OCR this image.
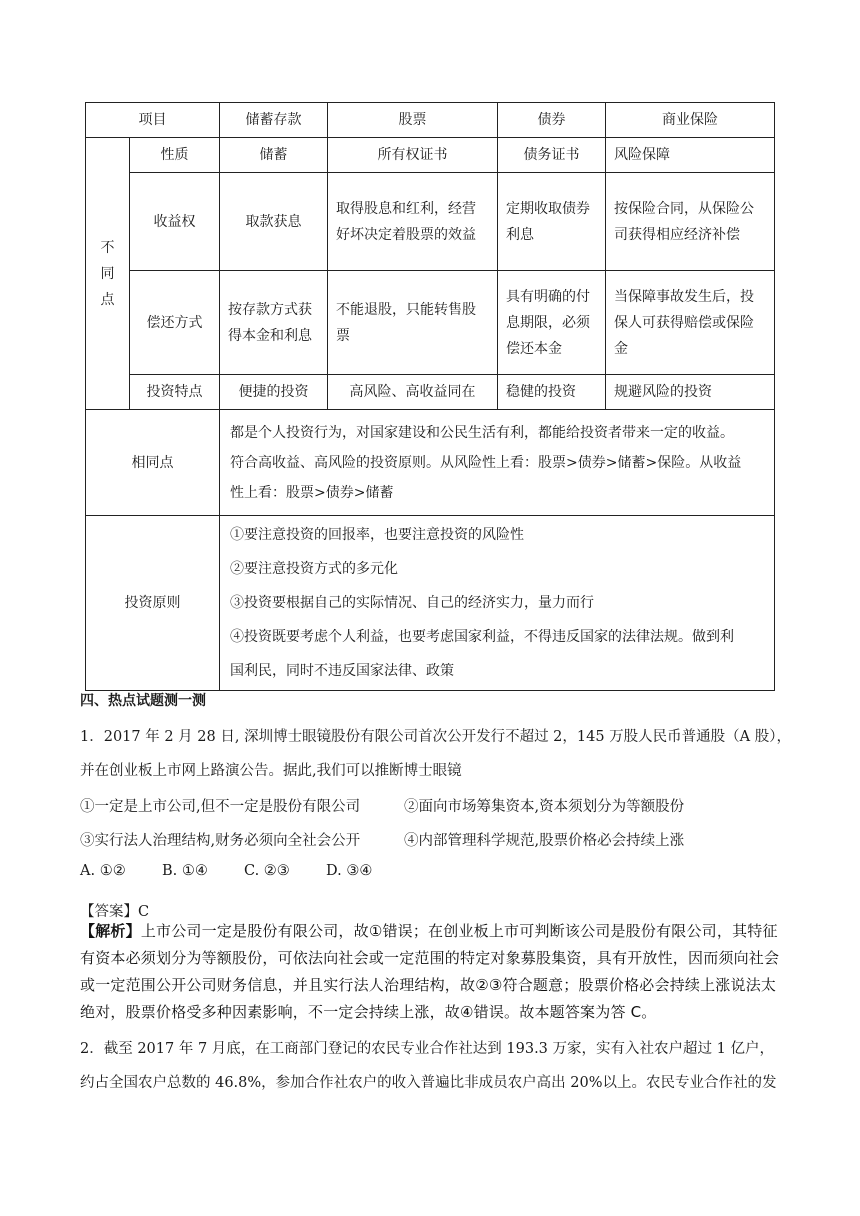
项目		储蓄存款	股票	债券	商业保险

不
同
点	性质	储蓄	所有权证书	债务证书	风险保障
	收益权	取款获息	取得股息和红利，经营好坏决定着股票的效益	定期收取债券利息	按保险合同，从保险公司获得相应经济补偿
	偿还方式	按存款方式获得本金和利息	不能退股，只能转售股票	具有明确的付息期限，必须偿还本金	当保障事故发生后，投保人可获得赔偿或保险金
	投资特点	便捷的投资	高风险、高收益同在	稳健的投资	规避风险的投资
相同点		都是个人投资行为，对国家建设和公民生活有利，都能给投资者带来一定的收益。
符合高收益、高风险的投资原则。从风险性上看：股票>债券>储蓄>保险。从收益
性上看：股票>债券>储蓄			

投资原则		①要注意投资的回报率，也要注意投资的风险性
②要注意投资方式的多元化
③投资要根据自己的实际情况、自己的经济实力，量力而行
④投资既要考虑个人利益，也要考虑国家利益，不得违反国家的法律法规。做到利
国利民，同时不违反国家法律、政策			
四、热点试题测一测
1．2017 年 2 月 28 日, 深圳博士眼镜股份有限公司首次公开发行不超过 2，145 万股人民币普通股（A 股），
并在创业板上市网上路演公告。据此,我们可以推断博士眼镜
①一定是上市公司,但不一定是股份有限公司	②面向市场筹集资本,资本须划分为等额股份
③实行法人治理结构,财务必须向全社会公开	④内部管理科学规范,股票价格必会持续上涨
A. ①②	B. ①④ C. ②③ D. ③④
【答案】C
【解析】上市公司一定是股份有限公司，故①错误；在创业板上市可判断该公司是股份有限公司，其特征
有资本必须划分为等额股份，可依法向社会或一定范围的特定对象募股集资，具有开放性，因而须向社会
或一定范围公开公司财务信息，并且实行法人治理结构，故②③符合题意；股票价格必会持续上涨说法太
绝对，股票价格受多种因素影响，不一定会持续上涨，故④错误。故本题答案为答 C。
2．截至 2017 年 7 月底，在工商部门登记的农民专业合作社达到 193.3 万家，实有入社农户超过 1 亿户，
约占全国农户总数的 46.8%，参加合作社农户的收入普遍比非成员农户高出 20%以上。农民专业合作社的发
